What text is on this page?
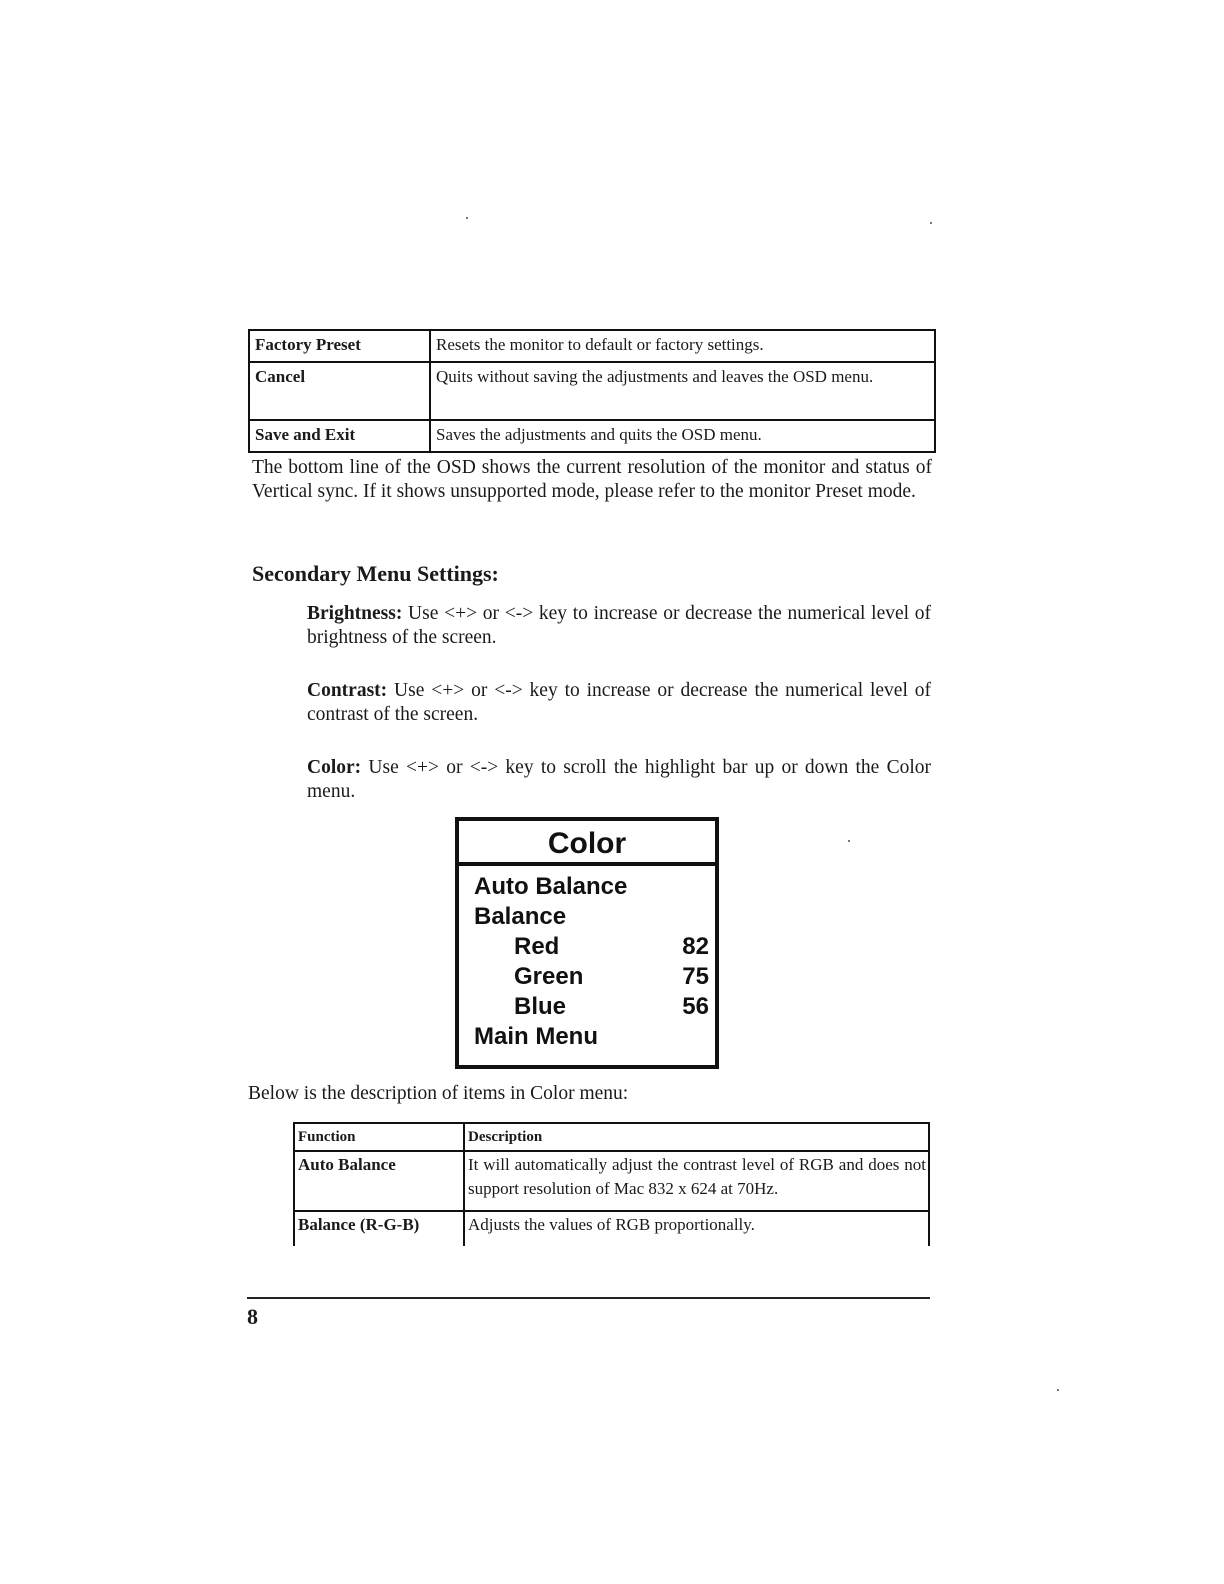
Factory Preset	Resets the monitor to default or factory settings.
Cancel	Quits without saving the adjustments and leaves the OSD menu.
Save and Exit	Saves the adjustments and quits the OSD menu.
The bottom line of the OSD shows the current resolution of the monitor and status of Vertical sync. If it shows unsupported mode, please refer to the monitor Preset mode.
Secondary Menu Settings:
Brightness: Use <+> or <-> key to increase or decrease the numerical level of brightness of the screen.
Contrast: Use <+> or <-> key to increase or decrease the numerical level of contrast of the screen.
Color: Use <+> or <-> key to scroll the highlight bar up or down the Color menu.
Color
Auto Balance
Balance
Red	82
Green	75
Blue	56
Main Menu
Below is the description of items in Color menu:
Function	Description
Auto Balance	It will automatically adjust the contrast level of RGB and does not support resolution of Mac 832 x 624 at 70Hz.
Balance (R-G-B)	Adjusts the values of RGB proportionally.
8
